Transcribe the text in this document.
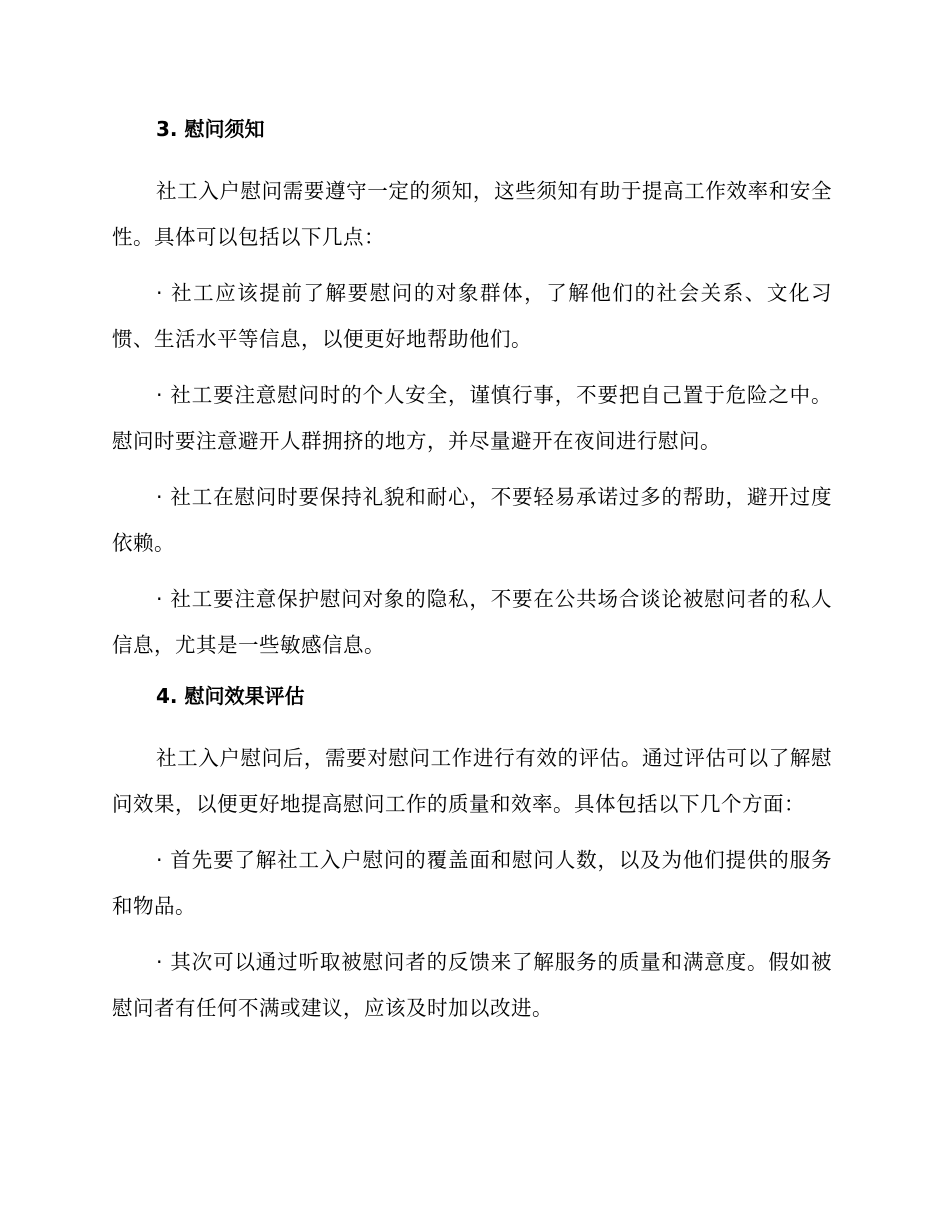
3. 慰问须知

社工入户慰问需要遵守一定的须知，这些须知有助于提高工作效率和安全性。具体可以包括以下几点：

· 社工应该提前了解要慰问的对象群体，了解他们的社会关系、文化习惯、生活水平等信息，以便更好地帮助他们。

· 社工要注意慰问时的个人安全，谨慎行事，不要把自己置于危险之中。慰问时要注意避开人群拥挤的地方，并尽量避开在夜间进行慰问。

· 社工在慰问时要保持礼貌和耐心，不要轻易承诺过多的帮助，避开过度依赖。

· 社工要注意保护慰问对象的隐私，不要在公共场合谈论被慰问者的私人信息，尤其是一些敏感信息。

4. 慰问效果评估

社工入户慰问后，需要对慰问工作进行有效的评估。通过评估可以了解慰问效果，以便更好地提高慰问工作的质量和效率。具体包括以下几个方面：

· 首先要了解社工入户慰问的覆盖面和慰问人数，以及为他们提供的服务和物品。

· 其次可以通过听取被慰问者的反馈来了解服务的质量和满意度。假如被慰问者有任何不满或建议，应该及时加以改进。
